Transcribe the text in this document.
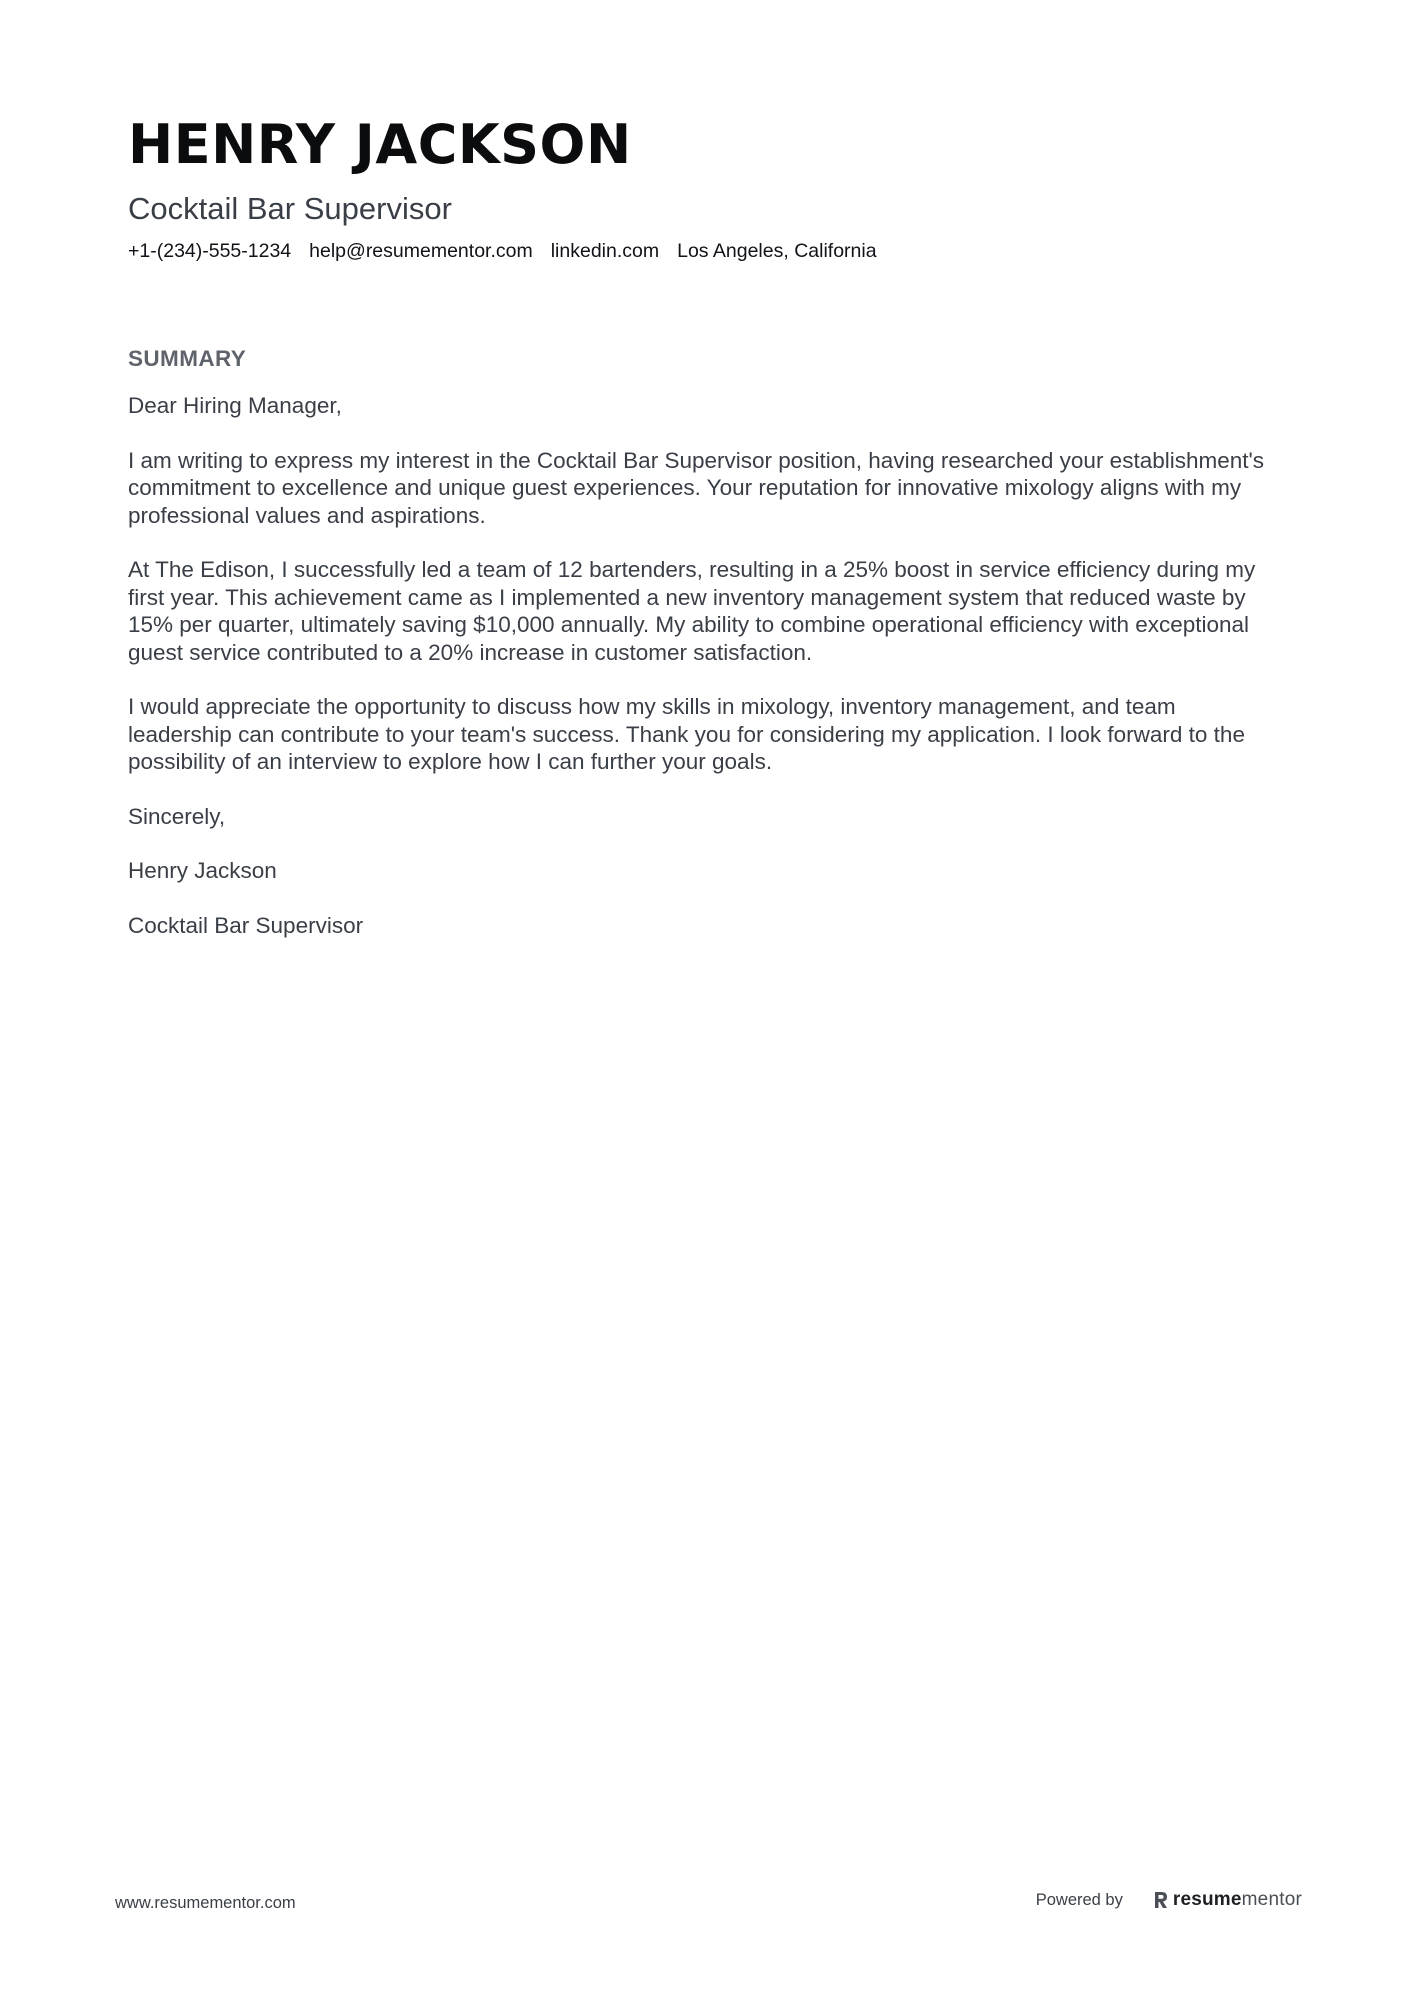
HENRY JACKSON
Cocktail Bar Supervisor
+1-(234)-555-1234 help@resumementor.com linkedin.com Los Angeles, California
SUMMARY

Dear Hiring Manager,

I am writing to express my interest in the Cocktail Bar Supervisor position, having researched your establishment's commitment to excellence and unique guest experiences. Your reputation for innovative mixology aligns with my professional values and aspirations.

At The Edison, I successfully led a team of 12 bartenders, resulting in a 25% boost in service efficiency during my first year. This achievement came as I implemented a new inventory management system that reduced waste by 15% per quarter, ultimately saving $10,000 annually. My ability to combine operational efficiency with exceptional guest service contributed to a 20% increase in customer satisfaction.

I would appreciate the opportunity to discuss how my skills in mixology, inventory management, and team leadership can contribute to your team's success. Thank you for considering my application. I look forward to the possibility of an interview to explore how I can further your goals.

Sincerely,

Henry Jackson

Cocktail Bar Supervisor

www.resumementor.com	Powered by	resumementor
